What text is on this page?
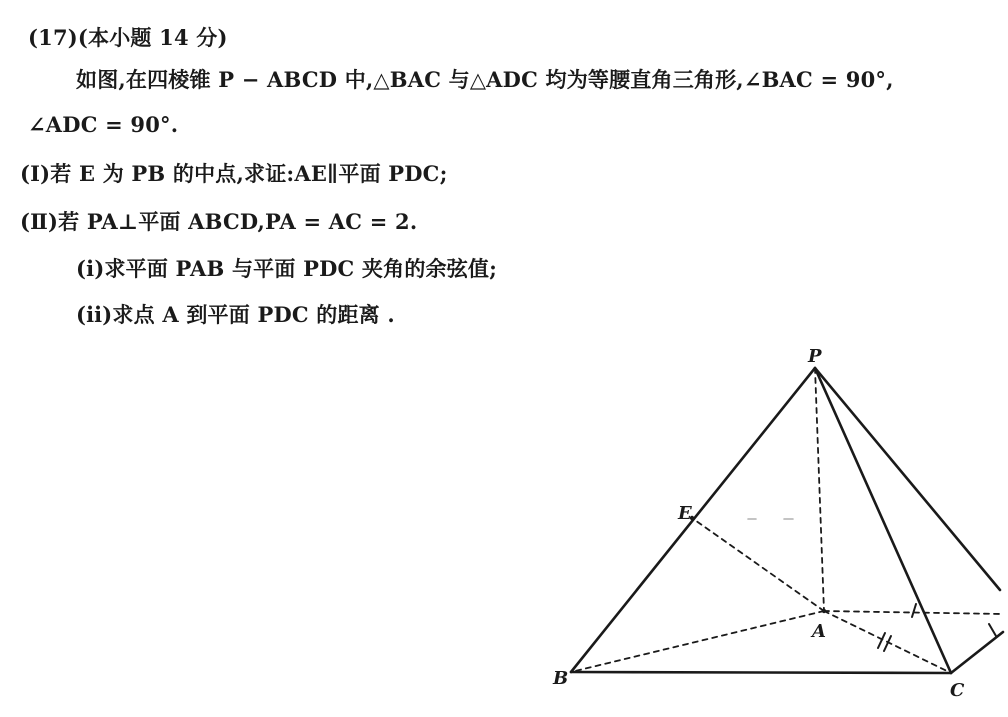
(17)(本小题 14 分)
如图,在四棱锥 P − ABCD 中,△BAC 与△ADC 均为等腰直角三角形,∠BAC = 90°,
∠ADC = 90°.
(Ⅰ)若 E 为 PB 的中点,求证:AE∥平面 PDC;
(Ⅱ)若 PA⊥平面 ABCD,PA = AC = 2.
(ⅰ)求平面 PAB 与平面 PDC 夹角的余弦值;
(ⅱ)求点 A 到平面 PDC 的距离 .
P
E
A
B
C
